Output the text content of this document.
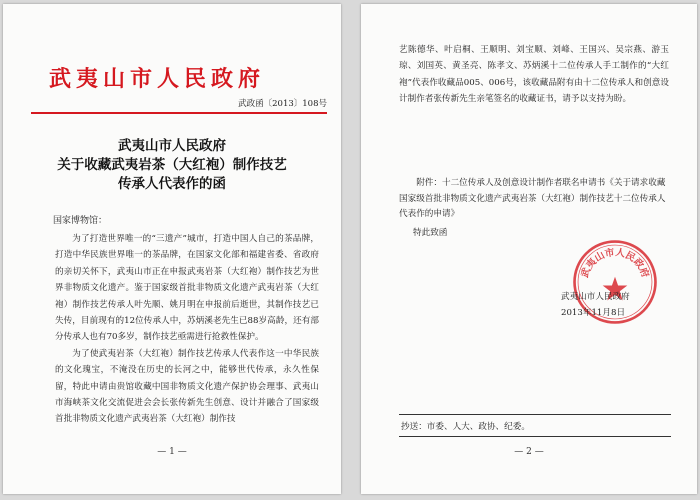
武夷山市人民政府
武政函〔2013〕108号
武夷山市人民政府
关于收藏武夷岩茶（大红袍）制作技艺
传承人代表作的函
国家博物馆：

为了打造世界唯一的“三遗产”城市，打造中国人自己的茶品牌，打造中华民族世界唯一的茶品牌，在国家文化部和福建省委、省政府的亲切关怀下，武夷山市正在申报武夷岩茶（大红袍）制作技艺为世界非物质文化遗产。鉴于国家级首批非物质文化遗产武夷岩茶（大红袍）制作技艺传承人叶先顺、姚月明在申报前后逝世，其制作技艺已失传，目前现有的12位传承人中，苏炳溪老先生已88岁高龄，还有部分传承人也有70多岁，制作技艺亟需进行抢救性保护。

为了使武夷岩茶（大红袍）制作技艺传承人代表作这一中华民族的文化瑰宝，不淹没在历史的长河之中，能够世代传承，永久性保留，特此申请由贵馆收藏中国非物质文化遗产保护协会理事、武夷山市海峡茶文化交流促进会会长张传新先生创意、设计并融合了国家级首批非物质文化遗产武夷岩茶（大红袍）制作技

— 1 —

艺陈德华、叶启桐、王顺明、刘宝顺、刘峰、王国兴、吴宗燕、游玉琼、刘国英、黄圣亮、陈孝文、苏炳溪十二位传承人手工制作的“大红袍”代表作收藏品005、006号，该收藏品附有由十二位传承人和创意设计制作者张传新先生亲笔签名的收藏证书，请予以支持为盼。

附件：十二位传承人及创意设计制作者联名申请书《关于请求收藏国家级首批非物质文化遗产武夷岩茶（大红袍）制作技艺十二位传承人代表作的申请》
特此致函
武夷山市人民政府
武夷山市人民政府
2013年11月8日
抄送：市委、人大、政协、纪委。
— 2 —
